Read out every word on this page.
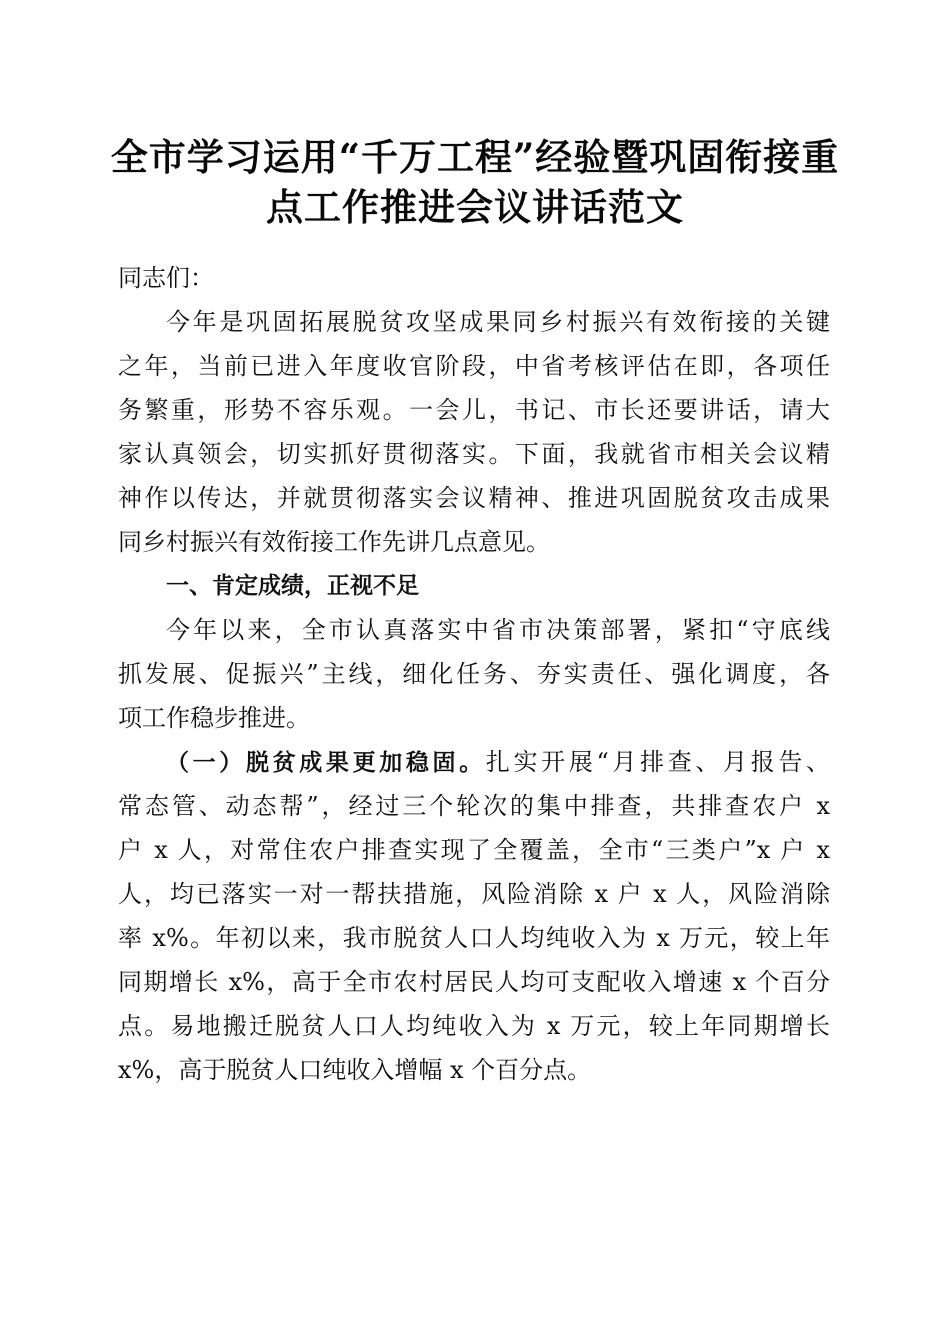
全市学习运用“千万工程”经验暨巩固衔接重
点工作推进会议讲话范文
同志们：
今年是巩固拓展脱贫攻坚成果同乡村振兴有效衔接的关键
之年，当前已进入年度收官阶段，中省考核评估在即，各项任
务繁重，形势不容乐观。一会儿，书记、市长还要讲话，请大
家认真领会，切实抓好贯彻落实。下面，我就省市相关会议精
神作以传达，并就贯彻落实会议精神、推进巩固脱贫攻击成果
同乡村振兴有效衔接工作先讲几点意见。
一、肯定成绩，正视不足
今年以来，全市认真落实中省市决策部署，紧扣“守底线
抓发展、促振兴”主线，细化任务、夯实责任、强化调度，各
项工作稳步推进。
（一）脱贫成果更加稳固。扎实开展“月排查、月报告、
常态管、动态帮”，经过三个轮次的集中排查，共排查农户 x
户 x 人，对常住农户排查实现了全覆盖，全市“三类户”x 户 x
人，均已落实一对一帮扶措施，风险消除 x 户 x 人，风险消除
率 x%。年初以来，我市脱贫人口人均纯收入为 x 万元，较上年
同期增长 x%，高于全市农村居民人均可支配收入增速 x 个百分
点。易地搬迁脱贫人口人均纯收入为 x 万元，较上年同期增长
x%，高于脱贫人口纯收入增幅 x 个百分点。
